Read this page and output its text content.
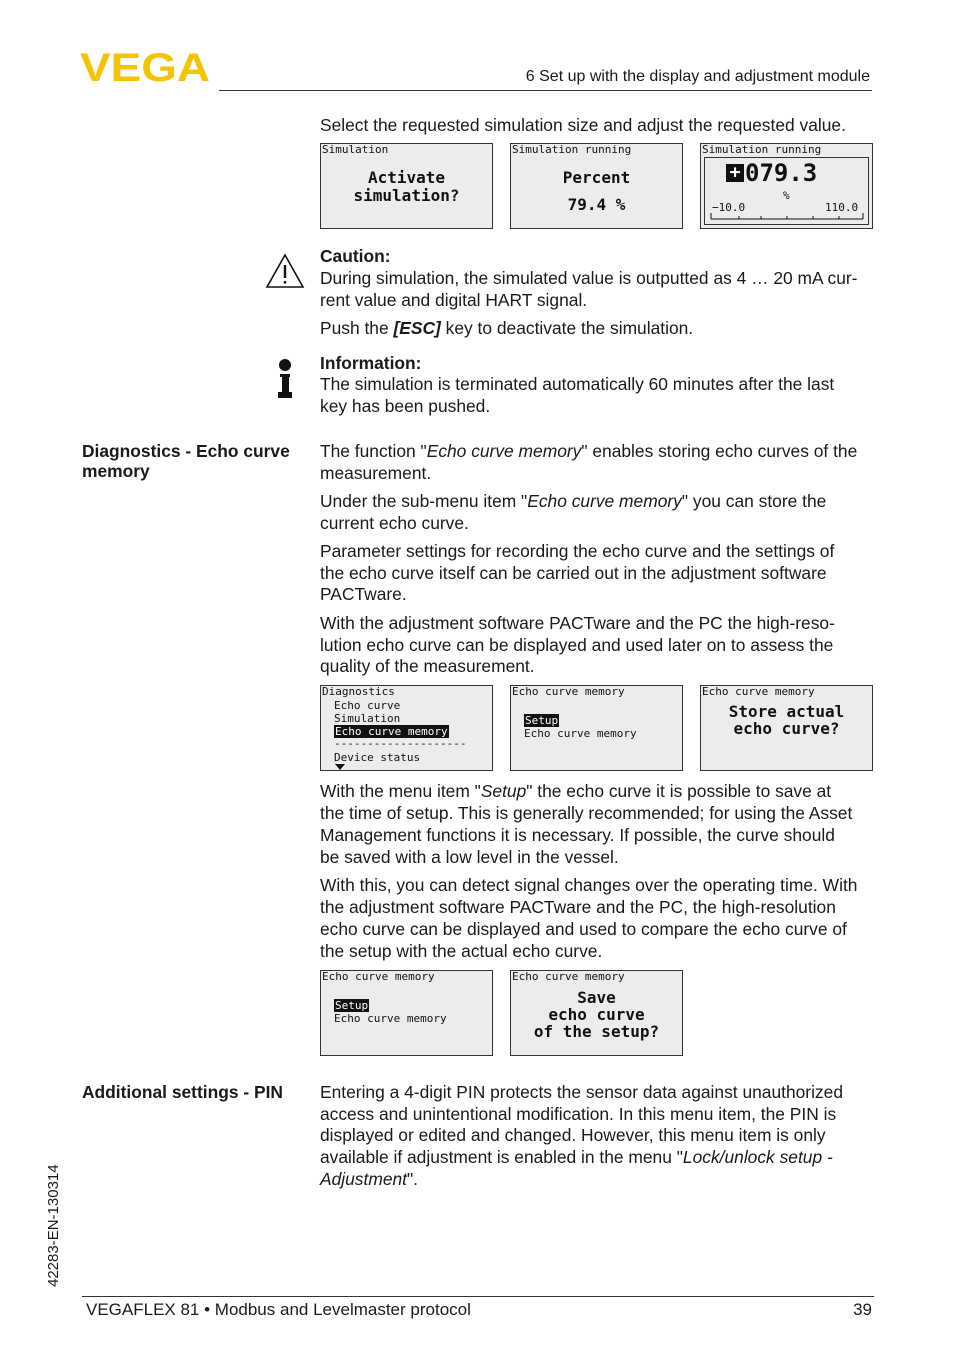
VEGA	6 Set up with the display and adjustment module

Select the requested simulation size and adjust the requested value.

Simulation
Activate
simulation?
Simulation running
Percent
79.4 %
Simulation running
+ 079.3
%
−10.0	110.0
Caution:
During simulation, the simulated value is outputted as 4 … 20 mA cur-
rent value and digital HART signal.
Push the [ESC] key to deactivate the simulation.
Information:
The simulation is terminated automatically 60 minutes after the last
key has been pushed.
Diagnostics - Echo curve
memory
The function "Echo curve memory" enables storing echo curves of the
measurement.
Under the sub-menu item "Echo curve memory" you can store the
current echo curve.
Parameter settings for recording the echo curve and the settings of
the echo curve itself can be carried out in the adjustment software
PACTware.
With the adjustment software PACTware and the PC the high-reso-
lution echo curve can be displayed and used later on to assess the
quality of the measurement.
Diagnostics
Echo curve
Simulation
Echo curve memory
--------------------
Device status
Echo curve memory
Setup
Echo curve memory
Echo curve memory
Store actual
echo curve?
With the menu item "Setup" the echo curve it is possible to save at
the time of setup. This is generally recommended; for using the Asset
Management functions it is necessary. If possible, the curve should
be saved with a low level in the vessel.
With this, you can detect signal changes over the operating time. With
the adjustment software PACTware and the PC, the high-resolution
echo curve can be displayed and used to compare the echo curve of
the setup with the actual echo curve.
Echo curve memory
Setup
Echo curve memory
Echo curve memory
Save
echo curve
of the setup?
Additional settings - PIN Entering a 4-digit PIN protects the sensor data against unauthorized
access and unintentional modification. In this menu item, the PIN is
displayed or edited and changed. However, this menu item is only
available if adjustment is enabled in the menu "Lock/unlock setup -
Adjustment".
42283-EN-130314
VEGAFLEX 81 • Modbus and Levelmaster protocol	39
